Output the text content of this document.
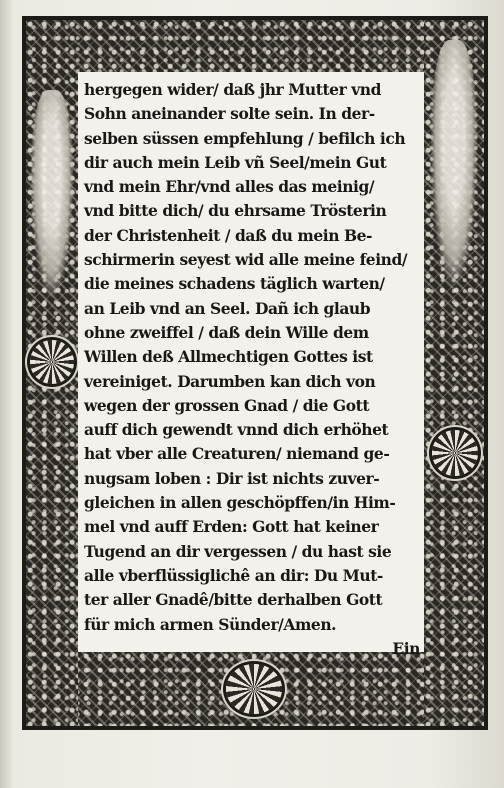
hergegen wider/ daß jhr Mutter vnd
Sohn aneinander solte sein. In der-
selben süssen empfehlung / befilch ich
dir auch mein Leib vñ Seel/mein Gut
vnd mein Ehr/vnd alles das meinig/
vnd bitte dich/ du ehrsame Trösterin
der Christenheit / daß du mein Be-
schirmerin seyest wid alle meine feind/
die meines schadens täglich warten/
an Leib vnd an Seel. Dañ ich glaub
ohne zweiffel / daß dein Wille dem
Willen deß Allmechtigen Gottes ist
vereiniget. Darumben kan dich von
wegen der grossen Gnad / die Gott
auff dich gewendt vnnd dich erhöhet
hat vber alle Creaturen/ niemand ge-
nugsam loben : Dir ist nichts zuver-
gleichen in allen geschöpffen/in Him-
mel vnd auff Erden: Gott hat keiner
Tugend an dir vergessen / du hast sie
alle vberflüssiglichê an dir: Du Mut-
ter aller Gnadê/bitte derhalben Gott
für mich armen Sünder/Amen.
Ein
